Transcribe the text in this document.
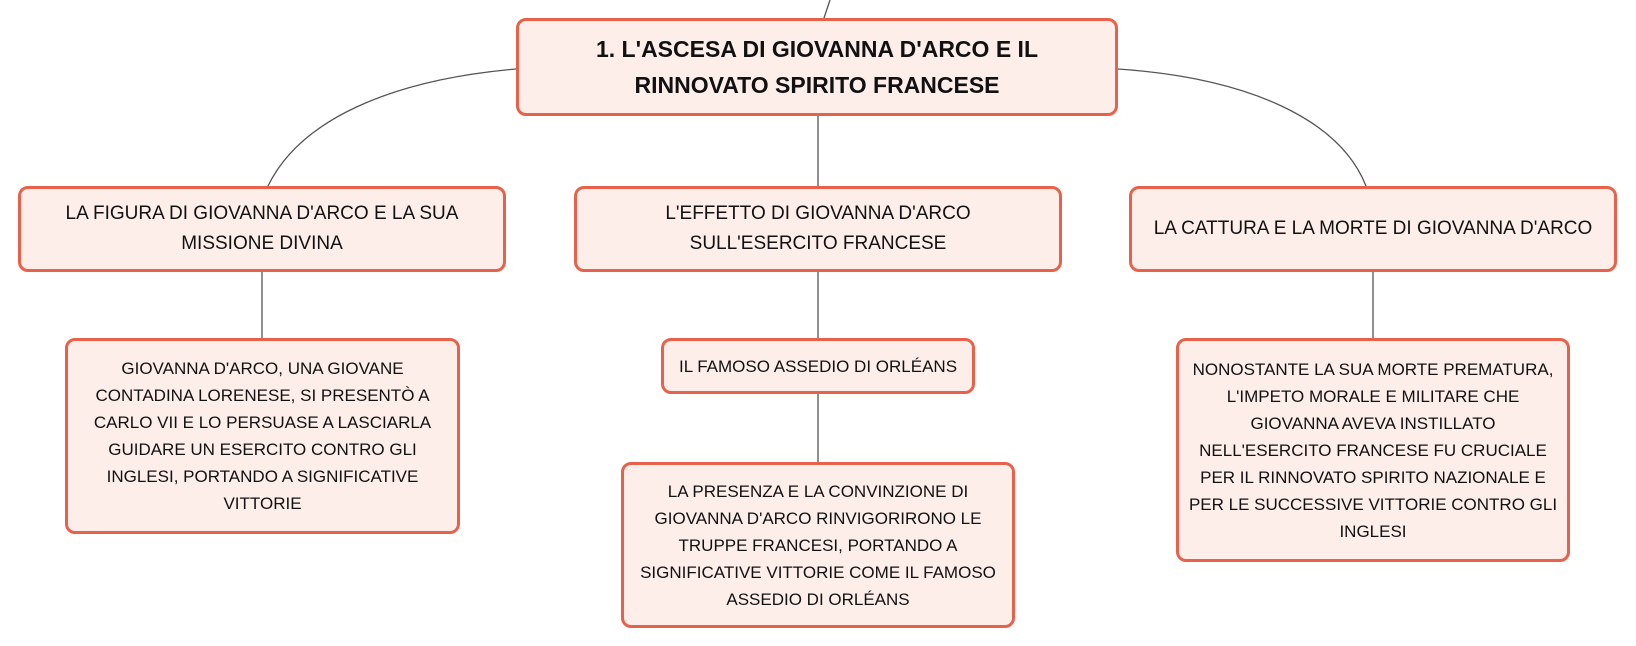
1. L'ASCESA DI GIOVANNA D'ARCO E IL RINNOVATO SPIRITO FRANCESE
LA FIGURA DI GIOVANNA D'ARCO E LA SUA MISSIONE DIVINA
L'EFFETTO DI GIOVANNA D'ARCO SULL'ESERCITO FRANCESE
LA CATTURA E LA MORTE DI GIOVANNA D'ARCO
GIOVANNA D'ARCO, UNA GIOVANE CONTADINA LORENESE, SI PRESENTÒ A CARLO VII E LO PERSUASE A LASCIARLA GUIDARE UN ESERCITO CONTRO GLI INGLESI, PORTANDO A SIGNIFICATIVE VITTORIE
IL FAMOSO ASSEDIO DI ORLÉANS
LA PRESENZA E LA CONVINZIONE DI GIOVANNA D'ARCO RINVIGORIRONO LE TRUPPE FRANCESI, PORTANDO A SIGNIFICATIVE VITTORIE COME IL FAMOSO ASSEDIO DI ORLÉANS
NONOSTANTE LA SUA MORTE PREMATURA, L'IMPETO MORALE E MILITARE CHE GIOVANNA AVEVA INSTILLATO NELL'ESERCITO FRANCESE FU CRUCIALE PER IL RINNOVATO SPIRITO NAZIONALE E PER LE SUCCESSIVE VITTORIE CONTRO GLI INGLESI
